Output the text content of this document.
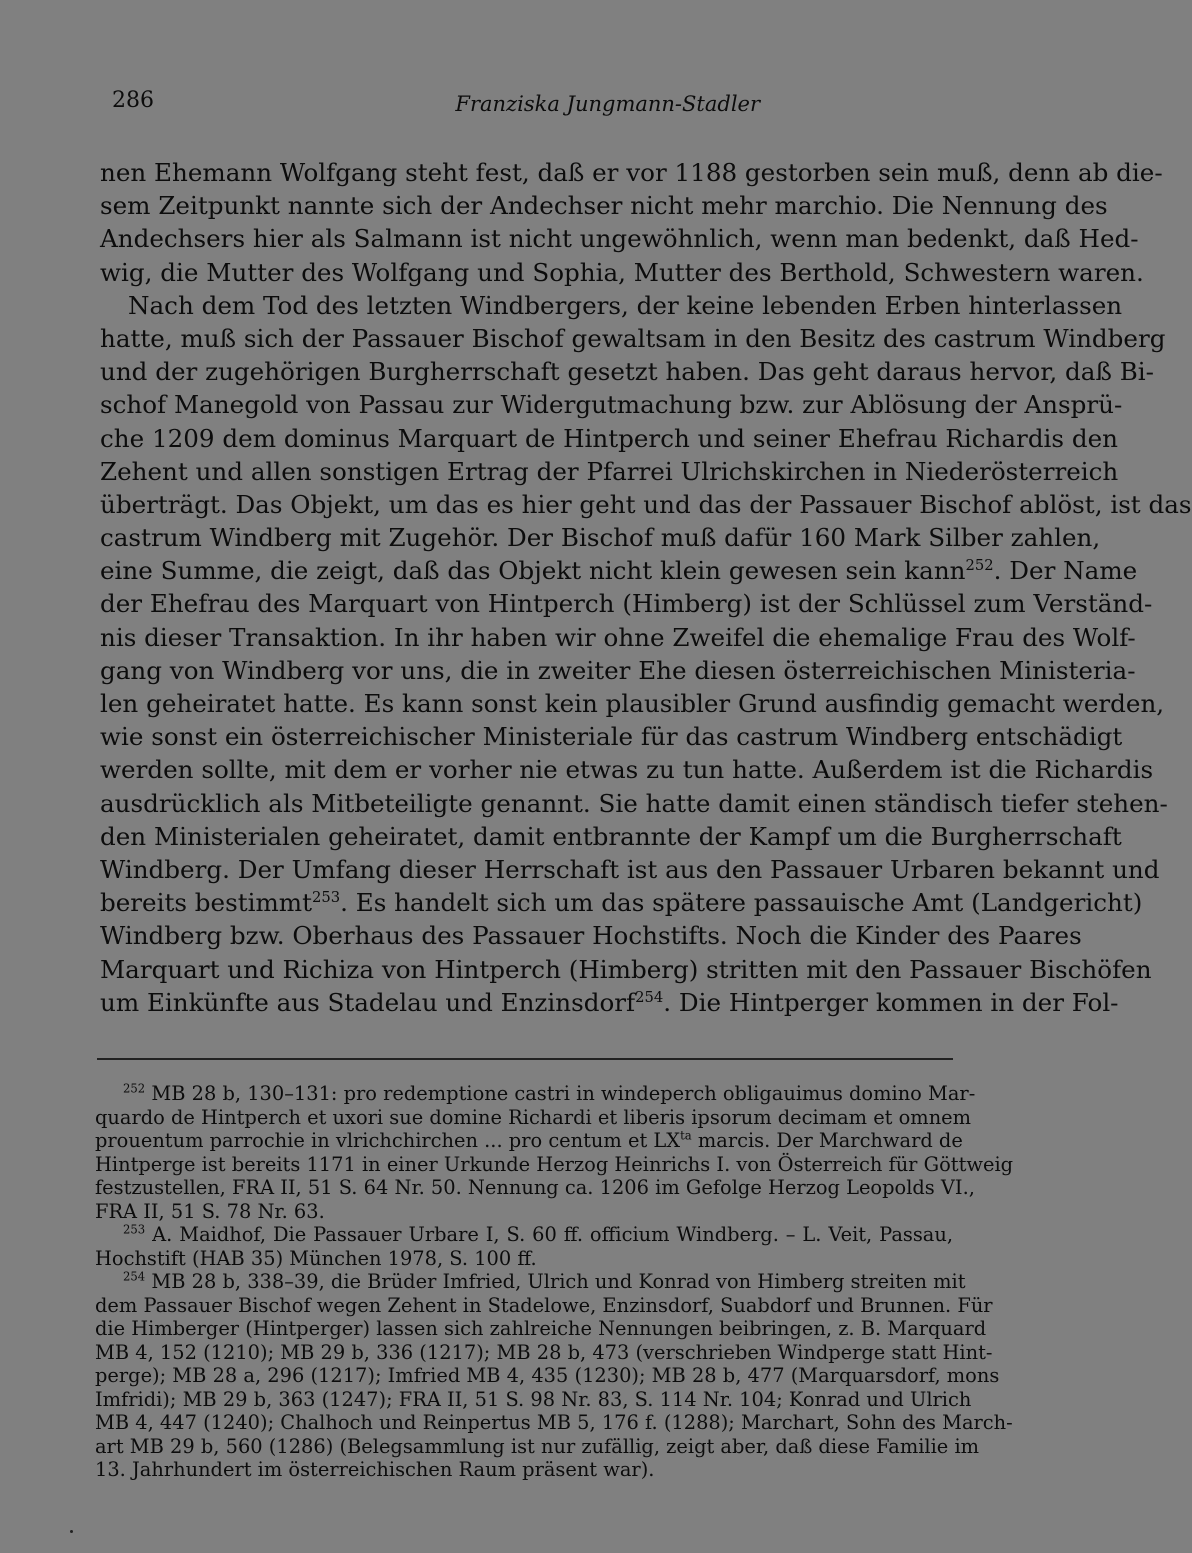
286	Franziska Jungmann-Stadler
nen Ehemann Wolfgang steht fest, daß er vor 1188 gestorben sein muß, denn ab die-
sem Zeitpunkt nannte sich der Andechser nicht mehr marchio. Die Nennung des
Andechsers hier als Salmann ist nicht ungewöhnlich, wenn man bedenkt, daß Hed-
wig, die Mutter des Wolfgang und Sophia, Mutter des Berthold, Schwestern waren.
Nach dem Tod des letzten Windbergers, der keine lebenden Erben hinterlassen
hatte, muß sich der Passauer Bischof gewaltsam in den Besitz des castrum Windberg
und der zugehörigen Burgherrschaft gesetzt haben. Das geht daraus hervor, daß Bi-
schof Manegold von Passau zur Widergutmachung bzw. zur Ablösung der Ansprü-
che 1209 dem dominus Marquart de Hintperch und seiner Ehefrau Richardis den
Zehent und allen sonstigen Ertrag der Pfarrei Ulrichskirchen in Niederösterreich
überträgt. Das Objekt, um das es hier geht und das der Passauer Bischof ablöst, ist das
castrum Windberg mit Zugehör. Der Bischof muß dafür 160 Mark Silber zahlen,
eine Summe, die zeigt, daß das Objekt nicht klein gewesen sein kann$^{252}$. Der Name
der Ehefrau des Marquart von Hintperch (Himberg) ist der Schlüssel zum Verständ-
nis dieser Transaktion. In ihr haben wir ohne Zweifel die ehemalige Frau des Wolf-
gang von Windberg vor uns, die in zweiter Ehe diesen österreichischen Ministeria-
len geheiratet hatte. Es kann sonst kein plausibler Grund ausfindig gemacht werden,
wie sonst ein österreichischer Ministeriale für das castrum Windberg entschädigt
werden sollte, mit dem er vorher nie etwas zu tun hatte. Außerdem ist die Richardis
ausdrücklich als Mitbeteiligte genannt. Sie hatte damit einen ständisch tiefer stehen-
den Ministerialen geheiratet, damit entbrannte der Kampf um die Burgherrschaft
Windberg. Der Umfang dieser Herrschaft ist aus den Passauer Urbaren bekannt und
bereits bestimmt$^{253}$. Es handelt sich um das spätere passauische Amt (Landgericht)
Windberg bzw. Oberhaus des Passauer Hochstifts. Noch die Kinder des Paares
Marquart und Richiza von Hintperch (Himberg) stritten mit den Passauer Bischöfen
um Einkünfte aus Stadelau und Enzinsdorf$^{254}$. Die Hintperger kommen in der Fol-
$^{252}$ MB 28 b, 130–131: pro redemptione castri in windeperch obligauimus domino Mar-
quardo de Hintperch et uxori sue domine Richardi et liberis ipsorum decimam et omnem
prouentum parrochie in vlrichchirchen ... pro centum et $LX^{ta}$ marcis. Der Marchward de
Hintperge ist bereits 1171 in einer Urkunde Herzog Heinrichs I. von Österreich für Göttweig
festzustellen, FRA II, 51 S. 64 Nr. 50. Nennung ca. 1206 im Gefolge Herzog Leopolds VI.,
FRA II, 51 S. 78 Nr. 63.
$^{253}$ A. Maidhof, Die Passauer Urbare I, S. 60 ff. officium Windberg. – L. Veit, Passau,
Hochstift (HAB 35) München 1978, S. 100 ff.
$^{254}$ MB 28 b, 338–39, die Brüder Imfried, Ulrich und Konrad von Himberg streiten mit
dem Passauer Bischof wegen Zehent in Stadelowe, Enzinsdorf, Suabdorf und Brunnen. Für
die Himberger (Hintperger) lassen sich zahlreiche Nennungen beibringen, z. B. Marquard
MB 4, 152 (1210); MB 29 b, 336 (1217); MB 28 b, 473 (verschrieben Windperge statt Hint-
perge); MB 28 a, 296 (1217); Imfried MB 4, 435 (1230); MB 28 b, 477 (Marquarsdorf, mons
Imfridi); MB 29 b, 363 (1247); FRA II, 51 S. 98 Nr. 83, S. 114 Nr. 104; Konrad und Ulrich
MB 4, 447 (1240); Chalhoch und Reinpertus MB 5, 176 f. (1288); Marchart, Sohn des March-
art MB 29 b, 560 (1286) (Belegsammlung ist nur zufällig, zeigt aber, daß diese Familie im
13. Jahrhundert im österreichischen Raum präsent war).
